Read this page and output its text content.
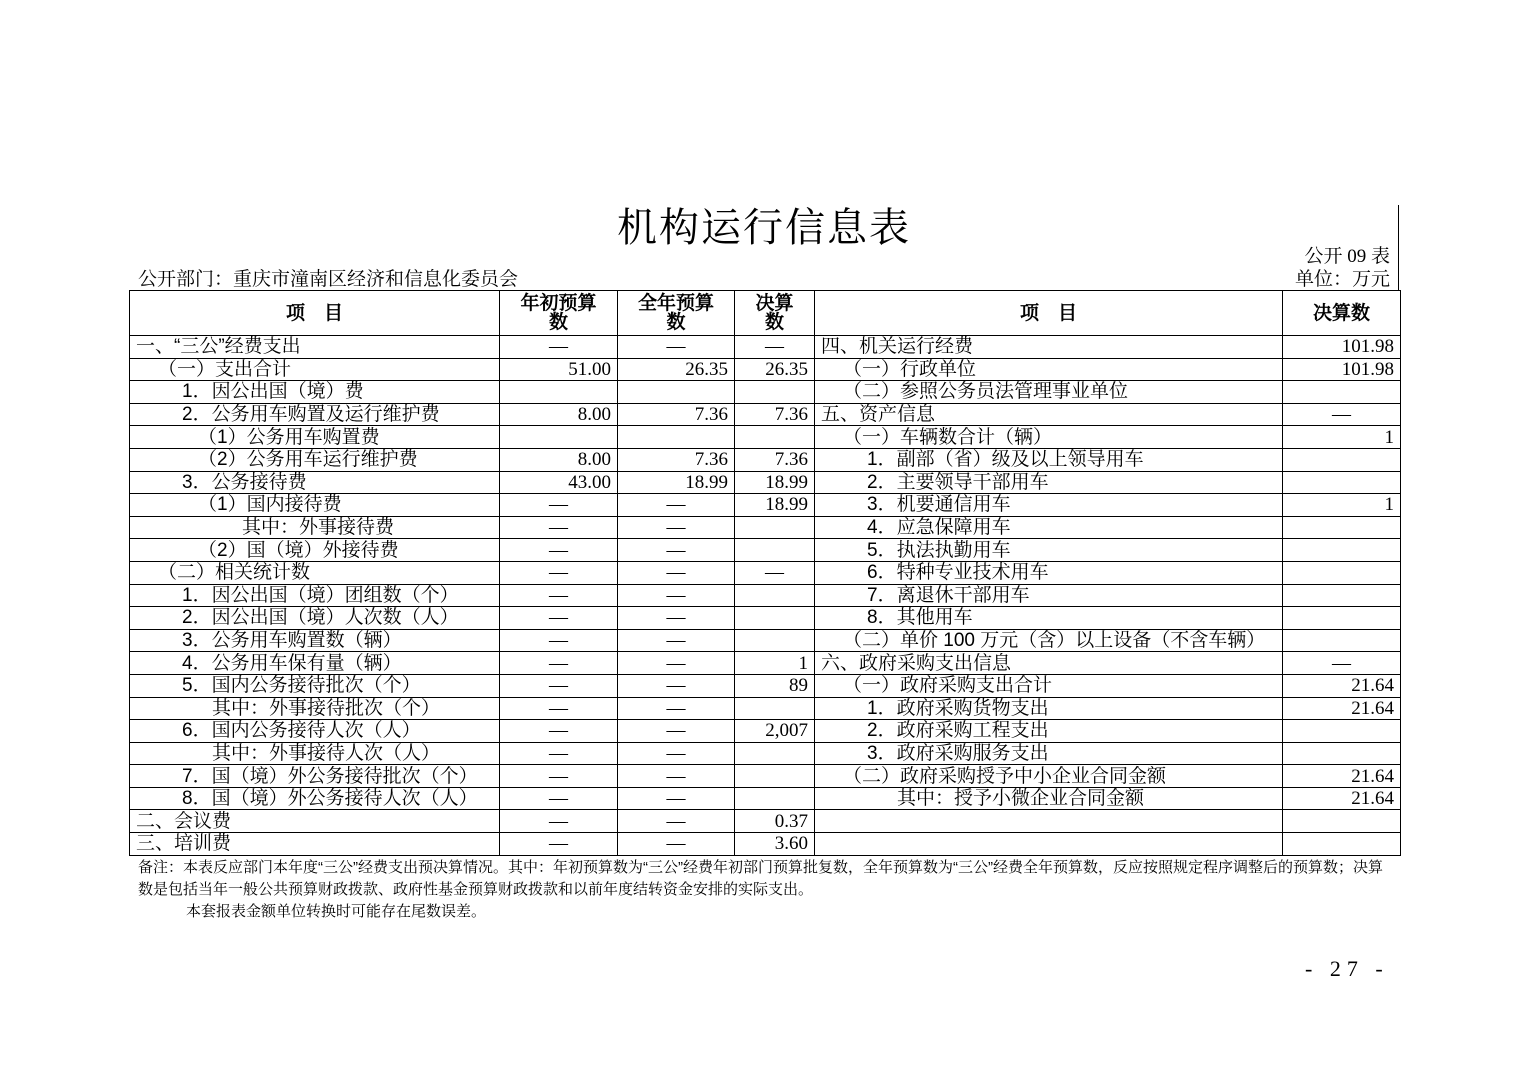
机构运行信息表
公开 09 表
单位：万元
公开部门：重庆市潼南区经济和信息化委员会
项　目	年初预算数	全年预算数	决算数	项　目	决算数
一、“三公”经费支出	—	—	—	四、机关运行经费	101.98
（一）支出合计	51.00	26.35	26.35	（一）行政单位	101.98
1．因公出国（境）费				（二）参照公务员法管理事业单位	
2．公务用车购置及运行维护费	8.00	7.36	7.36	五、资产信息	—
（1）公务用车购置费				（一）车辆数合计（辆）	1
（2）公务用车运行维护费	8.00	7.36	7.36	1．副部（省）级及以上领导用车	
3．公务接待费	43.00	18.99	18.99	2．主要领导干部用车	
（1）国内接待费	—	—	18.99	3．机要通信用车	1
其中：外事接待费	—	—		4．应急保障用车	
（2）国（境）外接待费	—	—		5．执法执勤用车	
（二）相关统计数	—	—	—	6．特种专业技术用车	
1．因公出国（境）团组数（个）	—	—		7．离退休干部用车	
2．因公出国（境）人次数（人）	—	—		8．其他用车	
3．公务用车购置数（辆）	—	—		（二）单价 100 万元（含）以上设备（不含车辆）	
4．公务用车保有量（辆）	—	—	1	六、政府采购支出信息	—
5．国内公务接待批次（个）	—	—	89	（一）政府采购支出合计	21.64
其中：外事接待批次（个）	—	—		1．政府采购货物支出	21.64
6．国内公务接待人次（人）	—	—	2,007	2．政府采购工程支出	
其中：外事接待人次（人）	—	—		3．政府采购服务支出	
7．国（境）外公务接待批次（个）	—	—		（二）政府采购授予中小企业合同金额	21.64
8．国（境）外公务接待人次（人）	—	—		其中：授予小微企业合同金额	21.64
二、会议费	—	—	0.37		
三、培训费	—	—	3.60		
备注：本表反应部门本年度“三公”经费支出预决算情况。其中：年初预算数为“三公”经费年初部门预算批复数，全年预算数为“三公”经费全年预算数，反应按照规定程序调整后的预算数；决算数是包括当年一般公共预算财政拨款、政府性基金预算财政拨款和以前年度结转资金安排的实际支出。
本套报表金额单位转换时可能存在尾数误差。
- 27 -
